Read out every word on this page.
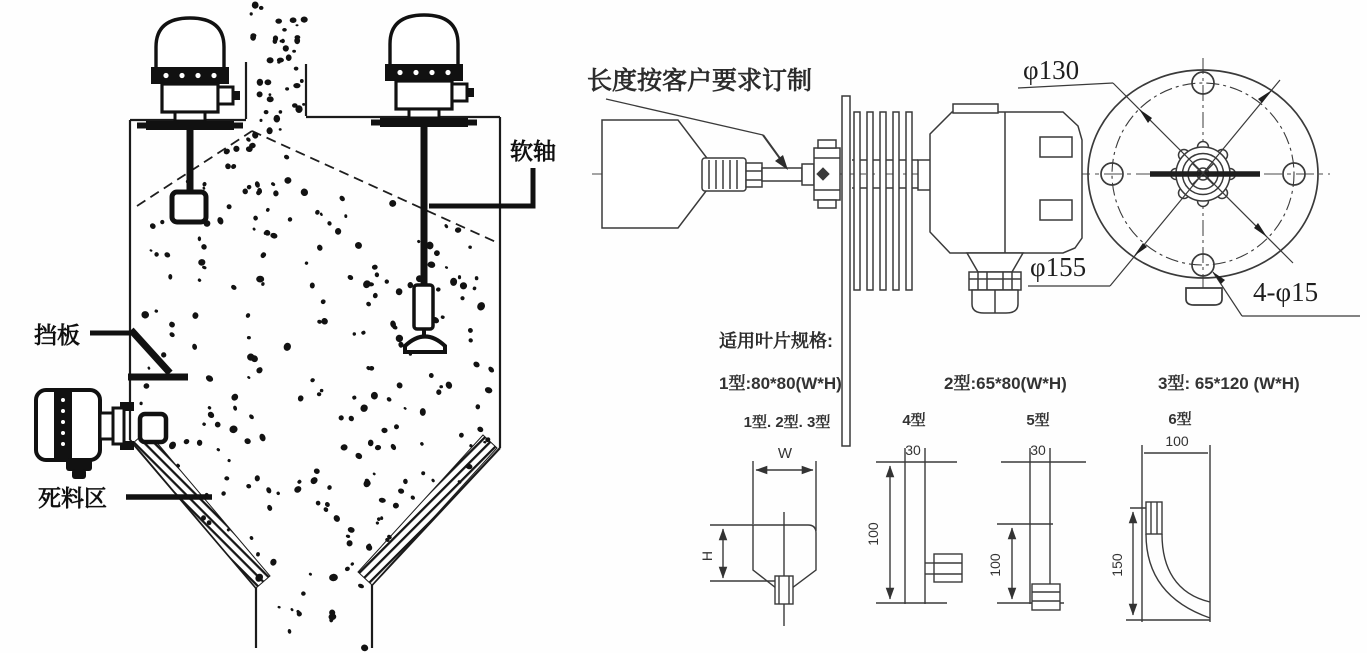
软轴
挡板
死料区
长度按客户要求订制	φ130
φ155
4-φ15
适用叶片规格:
1型:80*80(W*H)	2型:65*80(W*H)	3型: 65*120 (W*H)
1型. 2型. 3型
W
H
4型
30
100
5型
30
100
6型
100
150
